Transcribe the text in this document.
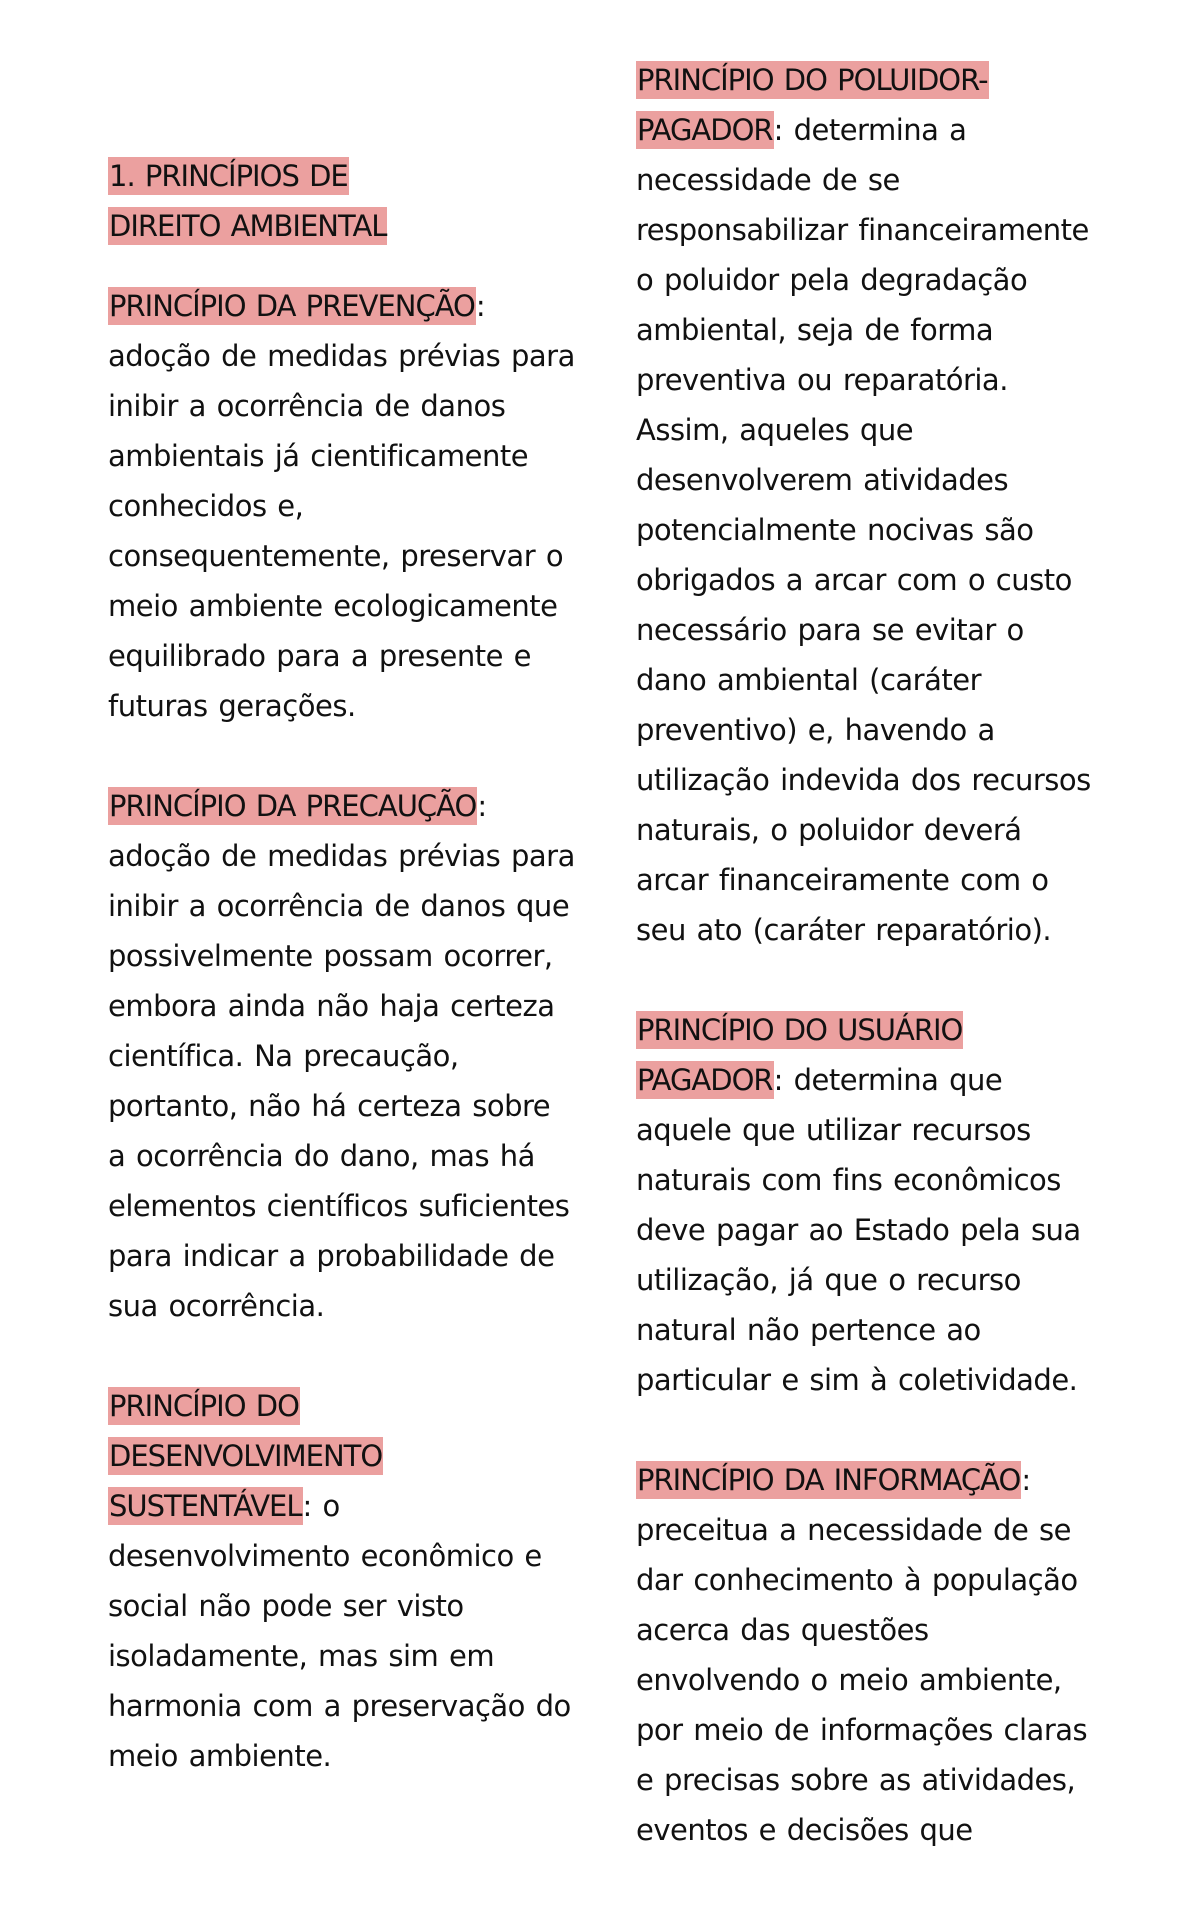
1. PRINCÍPIOS DE DIREITO AMBIENTAL
PRINCÍPIO DA PREVENÇÃO: adoção de medidas prévias para inibir a ocorrência de danos ambientais já cientificamente conhecidos e, consequentemente, preservar o meio ambiente ecologicamente equilibrado para a presente e futuras gerações.
PRINCÍPIO DA PRECAUÇÃO: adoção de medidas prévias para inibir a ocorrência de danos que possivelmente possam ocorrer, embora ainda não haja certeza científica. Na precaução, portanto, não há certeza sobre a ocorrência do dano, mas há elementos científicos suficientes para indicar a probabilidade de sua ocorrência.
PRINCÍPIO DO DESENVOLVIMENTO SUSTENTÁVEL: o desenvolvimento econômico e social não pode ser visto isoladamente, mas sim em harmonia com a preservação do meio ambiente.
PRINCÍPIO DO POLUIDOR-PAGADOR: determina a necessidade de se responsabilizar financeiramente o poluidor pela degradação ambiental, seja de forma preventiva ou reparatória. Assim, aqueles que desenvolverem atividades potencialmente nocivas são obrigados a arcar com o custo necessário para se evitar o dano ambiental (caráter preventivo) e, havendo a utilização indevida dos recursos naturais, o poluidor deverá arcar financeiramente com o seu ato (caráter reparatório).
PRINCÍPIO DO USUÁRIO PAGADOR: determina que aquele que utilizar recursos naturais com fins econômicos deve pagar ao Estado pela sua utilização, já que o recurso natural não pertence ao particular e sim à coletividade.
PRINCÍPIO DA INFORMAÇÃO: preceitua a necessidade de se dar conhecimento à população acerca das questões envolvendo o meio ambiente, por meio de informações claras e precisas sobre as atividades, eventos e decisões que
